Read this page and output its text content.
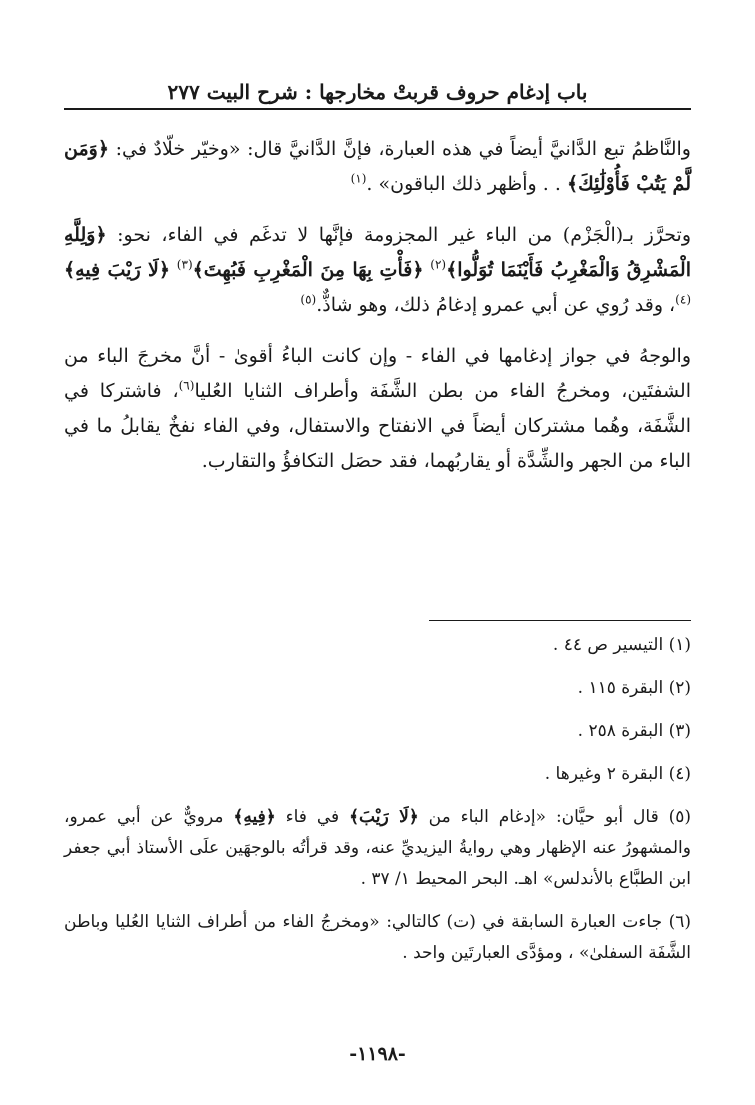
باب إدغام حروف قربتْ مخارجها : شرح البيت ٢٧٧

والنَّاظمُ تبع الدَّانيَّ أيضاً في هذه العبارة، فإنَّ الدَّانيَّ قال: «وخيّر خلّادٌ في: ﴿وَمَن لَّمْ يَتُبْ فَأُوْلَٰئِكَ﴾ . . وأظهر ذلك الباقون» .$^{(١)}$

وتحرَّز بـ(الْجَزْم) من الباء غير المجزومة فإنَّها لا تدغَم في الفاء، نحو: ﴿وَلِلَّهِ الْمَشْرِقُ وَالْمَغْرِبُ فَأَيْنَمَا تُوَلُّوا﴾$^{(٢)}$ ﴿فَأْتِ بِهَا مِنَ الْمَغْرِبِ فَبُهِتَ﴾$^{(٣)}$ ﴿لَا رَيْبَ فِيهِ﴾$^{(٤)}$، وقد رُوي عن أبي عمرو إدغامُ ذلك، وهو شاذٌّ.$^{(٥)}$

والوجهُ في جواز إدغامها في الفاء - وإن كانت الباءُ أقوىٰ - أنَّ مخرجَ الباء من الشفتَين، ومخرجُ الفاء من بطن الشَّفَة وأطراف الثنايا العُليا$^{(٦)}$، فاشتركا في الشَّفَة، وهُما مشتركان أيضاً في الانفتاح والاستفال، وفي الفاء نفخٌ يقابلُ ما في الباء من الجهر والشِّدَّة أو يقاربُهما، فقد حصَل التكافؤُ والتقارب.

(١) التيسير ص ٤٤ .
(٢) البقرة ١١٥ .
(٣) البقرة ٢٥٨ .
(٤) البقرة ٢ وغيرها .
(٥) قال أبو حيَّان: «إدغام الباء من ﴿لَا رَيْبَ﴾ في فاء ﴿فِيهِ﴾ مرويٌّ عن أبي عمرو، والمشهورُ عنه الإظهار وهي روايةُ اليزيديِّ عنه، وقد قرأتُه بالوجهَين علَى الأستاذ أبي جعفر ابن الطبَّاع بالأندلس» اهـ. البحر المحيط ١/ ٣٧ .
(٦) جاءت العبارة السابقة في (ت) كالتالي: «ومخرجُ الفاء من أطراف الثنايا العُليا وباطن الشَّفَة السفلىٰ» ، ومؤدَّى العبارتَين واحد .
-١١٩٨-
